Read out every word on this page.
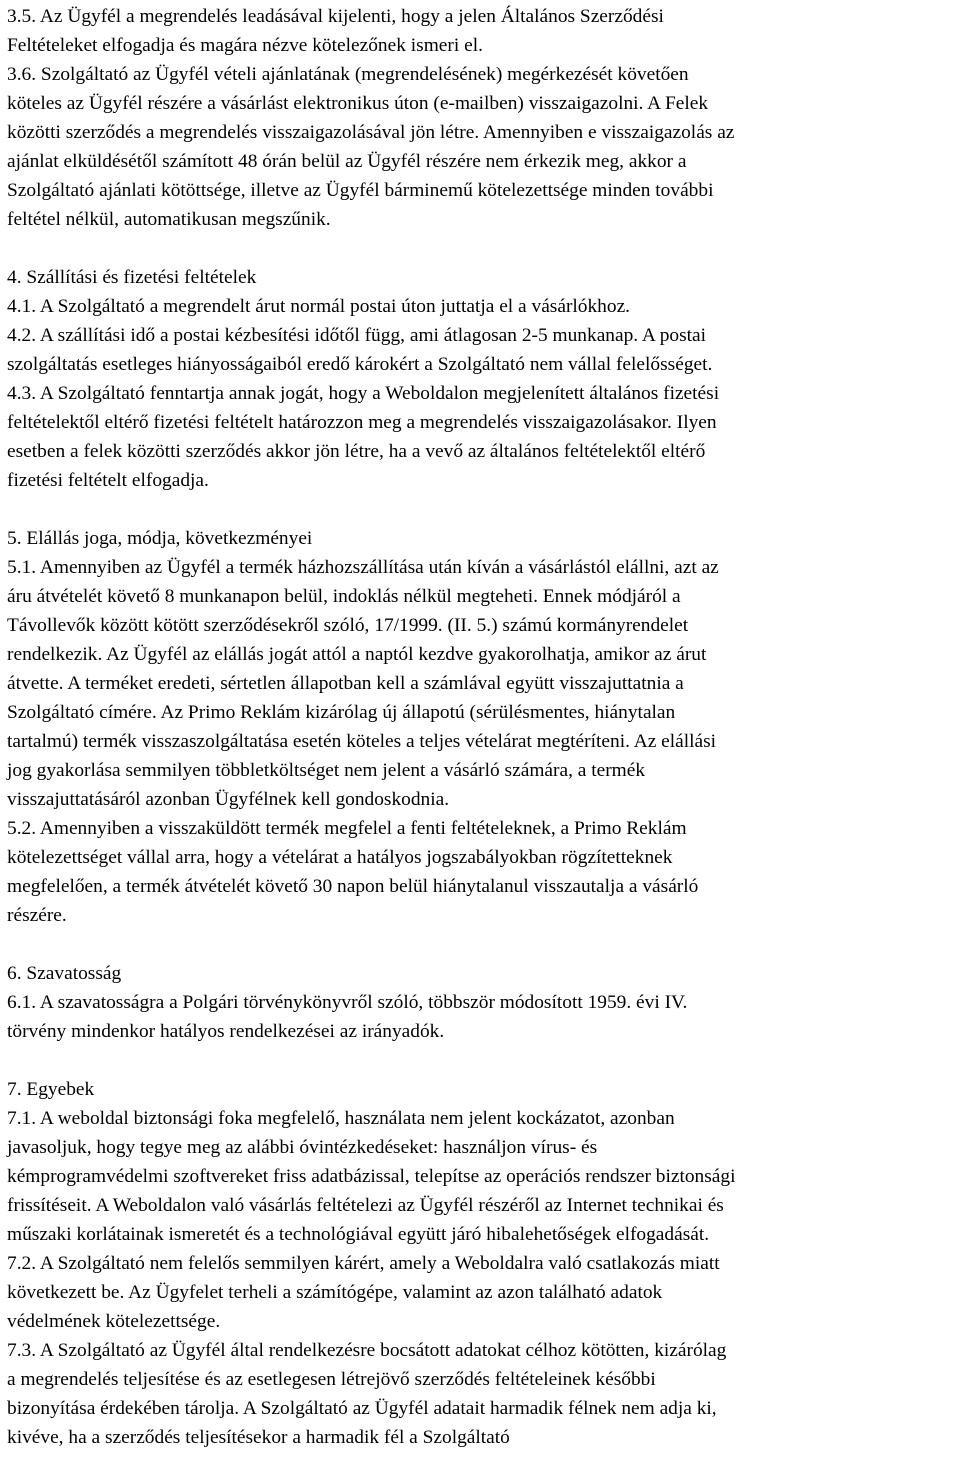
3.5. Az Ügyfél a megrendelés leadásával kijelenti, hogy a jelen Általános Szerződési
Feltételeket elfogadja és magára nézve kötelezőnek ismeri el.
3.6. Szolgáltató az Ügyfél vételi ajánlatának (megrendelésének) megérkezését követően
köteles az Ügyfél részére a vásárlást elektronikus úton (e-mailben) visszaigazolni. A Felek
közötti szerződés a megrendelés visszaigazolásával jön létre. Amennyiben e visszaigazolás az
ajánlat elküldésétől számított 48 órán belül az Ügyfél részére nem érkezik meg, akkor a
Szolgáltató ajánlati kötöttsége, illetve az Ügyfél bárminemű kötelezettsége minden további
feltétel nélkül, automatikusan megszűnik.
4. Szállítási és fizetési feltételek
4.1. A Szolgáltató a megrendelt árut normál postai úton juttatja el a vásárlókhoz.
4.2. A szállítási idő a postai kézbesítési időtől függ, ami átlagosan 2-5 munkanap. A postai
szolgáltatás esetleges hiányosságaiból eredő károkért a Szolgáltató nem vállal felelősséget.
4.3. A Szolgáltató fenntartja annak jogát, hogy a Weboldalon megjelenített általános fizetési
feltételektől eltérő fizetési feltételt határozzon meg a megrendelés visszaigazolásakor. Ilyen
esetben a felek közötti szerződés akkor jön létre, ha a vevő az általános feltételektől eltérő
fizetési feltételt elfogadja.
5. Elállás joga, módja, következményei
5.1. Amennyiben az Ügyfél a termék házhozszállítása után kíván a vásárlástól elállni, azt az
áru átvételét követő 8 munkanapon belül, indoklás nélkül megteheti. Ennek módjáról a
Távollevők között kötött szerződésekről szóló, 17/1999. (II. 5.) számú kormányrendelet
rendelkezik. Az Ügyfél az elállás jogát attól a naptól kezdve gyakorolhatja, amikor az árut
átvette. A terméket eredeti, sértetlen állapotban kell a számlával együtt visszajuttatnia a
Szolgáltató címére. Az Primo Reklám kizárólag új állapotú (sérülésmentes, hiánytalan
tartalmú) termék visszaszolgáltatása esetén köteles a teljes vételárat megtéríteni. Az elállási
jog gyakorlása semmilyen többletköltséget nem jelent a vásárló számára, a termék
visszajuttatásáról azonban Ügyfélnek kell gondoskodnia.
5.2. Amennyiben a visszaküldött termék megfelel a fenti feltételeknek, a Primo Reklám
kötelezettséget vállal arra, hogy a vételárat a hatályos jogszabályokban rögzítetteknek
megfelelően, a termék átvételét követő 30 napon belül hiánytalanul visszautalja a vásárló
részére.
6. Szavatosság
6.1. A szavatosságra a Polgári törvénykönyvről szóló, többször módosított 1959. évi IV.
törvény mindenkor hatályos rendelkezései az irányadók.
7. Egyebek
7.1. A weboldal biztonsági foka megfelelő, használata nem jelent kockázatot, azonban
javasoljuk, hogy tegye meg az alábbi óvintézkedéseket: használjon vírus- és
kémprogramvédelmi szoftvereket friss adatbázissal, telepítse az operációs rendszer biztonsági
frissítéseit. A Weboldalon való vásárlás feltételezi az Ügyfél részéről az Internet technikai és
műszaki korlátainak ismeretét és a technológiával együtt járó hibalehetőségek elfogadását.
7.2. A Szolgáltató nem felelős semmilyen kárért, amely a Weboldalra való csatlakozás miatt
következett be. Az Ügyfelet terheli a számítógépe, valamint az azon található adatok
védelmének kötelezettsége.
7.3. A Szolgáltató az Ügyfél által rendelkezésre bocsátott adatokat célhoz kötötten, kizárólag
a megrendelés teljesítése és az esetlegesen létrejövő szerződés feltételeinek későbbi
bizonyítása érdekében tárolja. A Szolgáltató az Ügyfél adatait harmadik félnek nem adja ki,
kivéve, ha a szerződés teljesítésekor a harmadik fél a Szolgáltató
